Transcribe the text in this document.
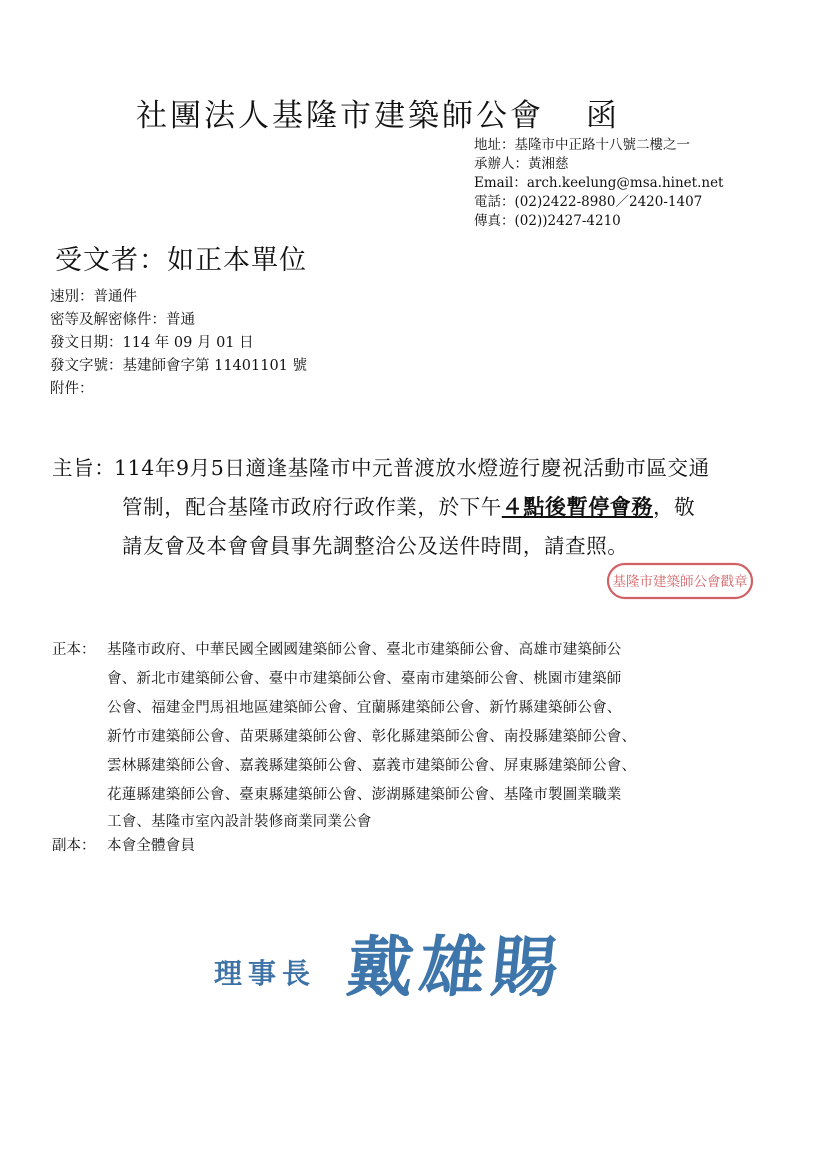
社團法人基隆市建築師公會 函
地址：基隆市中正路十八號二樓之一
承辦人：黃湘慈
Email：arch.keelung@msa.hinet.net
電話：(02)2422-8980／2420-1407
傳真：(02))2427-4210
受文者：如正本單位
速別：普通件
密等及解密條件：普通
發文日期：114 年 09 月 01 日
發文字號：基建師會字第 11401101 號
附件：
主旨：
114年9月5日適逢基隆市中元普渡放水燈遊行慶祝活動市區交通
管制，配合基隆市政府行政作業，於下午４點後暫停會務，敬
請友會及本會會員事先調整洽公及送件時間，請查照。
基隆市建築師公會戳章
正本： 基隆市政府、中華民國全國國建築師公會、臺北市建築師公會、高雄市建築師公
會、新北市建築師公會、臺中市建築師公會、臺南市建築師公會、桃園市建築師
公會、福建金門馬祖地區建築師公會、宜蘭縣建築師公會、新竹縣建築師公會、
新竹市建築師公會、苗栗縣建築師公會、彰化縣建築師公會、南投縣建築師公會、
雲林縣建築師公會、嘉義縣建築師公會、嘉義市建築師公會、屏東縣建築師公會、
花蓮縣建築師公會、臺東縣建築師公會、澎湖縣建築師公會、基隆市製圖業職業
工會、基隆市室內設計裝修商業同業公會
副本： 本會全體會員
理事長 戴雄賜
